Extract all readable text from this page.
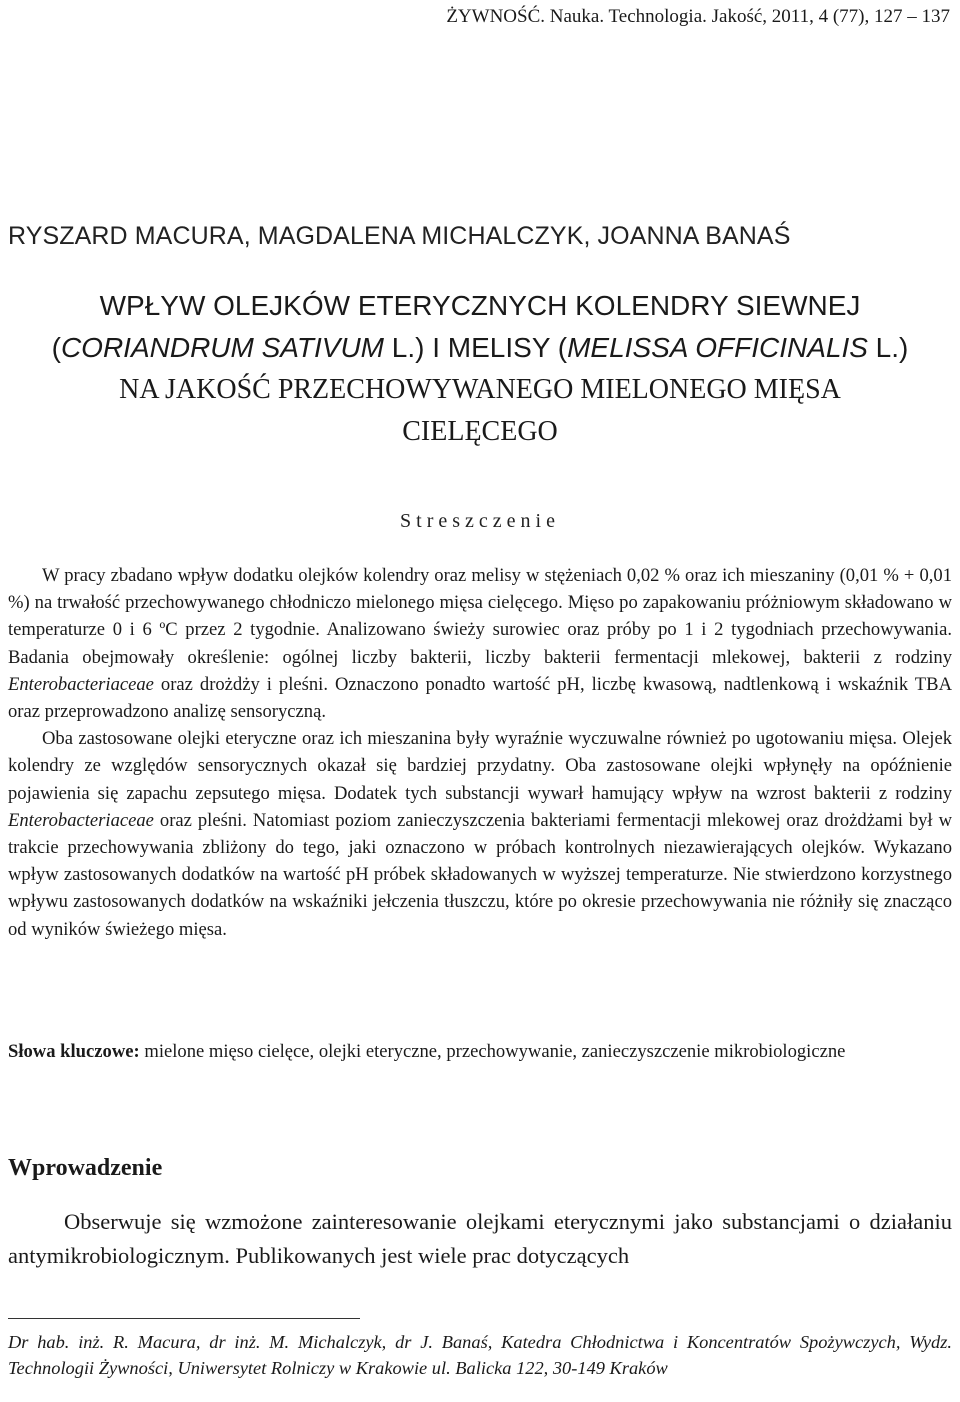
ŻYWNOŚĆ. Nauka. Technologia. Jakość, 2011, 4 (77), 127 – 137
RYSZARD MACURA, MAGDALENA MICHALCZYK, JOANNA BANAŚ
WPŁYW OLEJKÓW ETERYCZNYCH KOLENDRY SIEWNEJ
(CORIANDRUM SATIVUM L.) I MELISY (MELISSA OFFICINALIS L.)
NA JAKOŚĆ PRZECHOWYWANEGO MIELONEGO MIĘSA
CIELĘCEGO
Streszczenie

W pracy zbadano wpływ dodatku olejków kolendry oraz melisy w stężeniach 0,02 % oraz ich mieszaniny (0,01 % + 0,01 %) na trwałość przechowywanego chłodniczo mielonego mięsa cielęcego. Mięso po zapakowaniu próżniowym składowano w temperaturze 0 i 6 ºC przez 2 tygodnie. Analizowano świeży surowiec oraz próby po 1 i 2 tygodniach przechowywania. Badania obejmowały określenie: ogólnej liczby bakterii, liczby bakterii fermentacji mlekowej, bakterii z rodziny Enterobacteriaceae oraz drożdży i pleśni. Oznaczono ponadto wartość pH, liczbę kwasową, nadtlenkową i wskaźnik TBA oraz przeprowadzono analizę sensoryczną.

Oba zastosowane olejki eteryczne oraz ich mieszanina były wyraźnie wyczuwalne również po ugotowaniu mięsa. Olejek kolendry ze względów sensorycznych okazał się bardziej przydatny. Oba zastosowane olejki wpłynęły na opóźnienie pojawienia się zapachu zepsutego mięsa. Dodatek tych substancji wywarł hamujący wpływ na wzrost bakterii z rodziny Enterobacteriaceae oraz pleśni. Natomiast poziom zanieczyszczenia bakteriami fermentacji mlekowej oraz drożdżami był w trakcie przechowywania zbliżony do tego, jaki oznaczono w próbach kontrolnych niezawierających olejków. Wykazano wpływ zastosowanych dodatków na wartość pH próbek składowanych w wyższej temperaturze. Nie stwierdzono korzystnego wpływu zastosowanych dodatków na wskaźniki jełczenia tłuszczu, które po okresie przechowywania nie różniły się znacząco od wyników świeżego mięsa.

Słowa kluczowe: mielone mięso cielęce, olejki eteryczne, przechowywanie, zanieczyszczenie mikrobiologiczne
Wprowadzenie

Obserwuje się wzmożone zainteresowanie olejkami eterycznymi jako substancjami o działaniu antymikrobiologicznym. Publikowanych jest wiele prac dotyczących

Dr hab. inż. R. Macura, dr inż. M. Michalczyk, dr J. Banaś, Katedra Chłodnictwa i Koncentratów Spożywczych, Wydz. Technologii Żywności, Uniwersytet Rolniczy w Krakowie ul. Balicka 122, 30-149 Kraków
